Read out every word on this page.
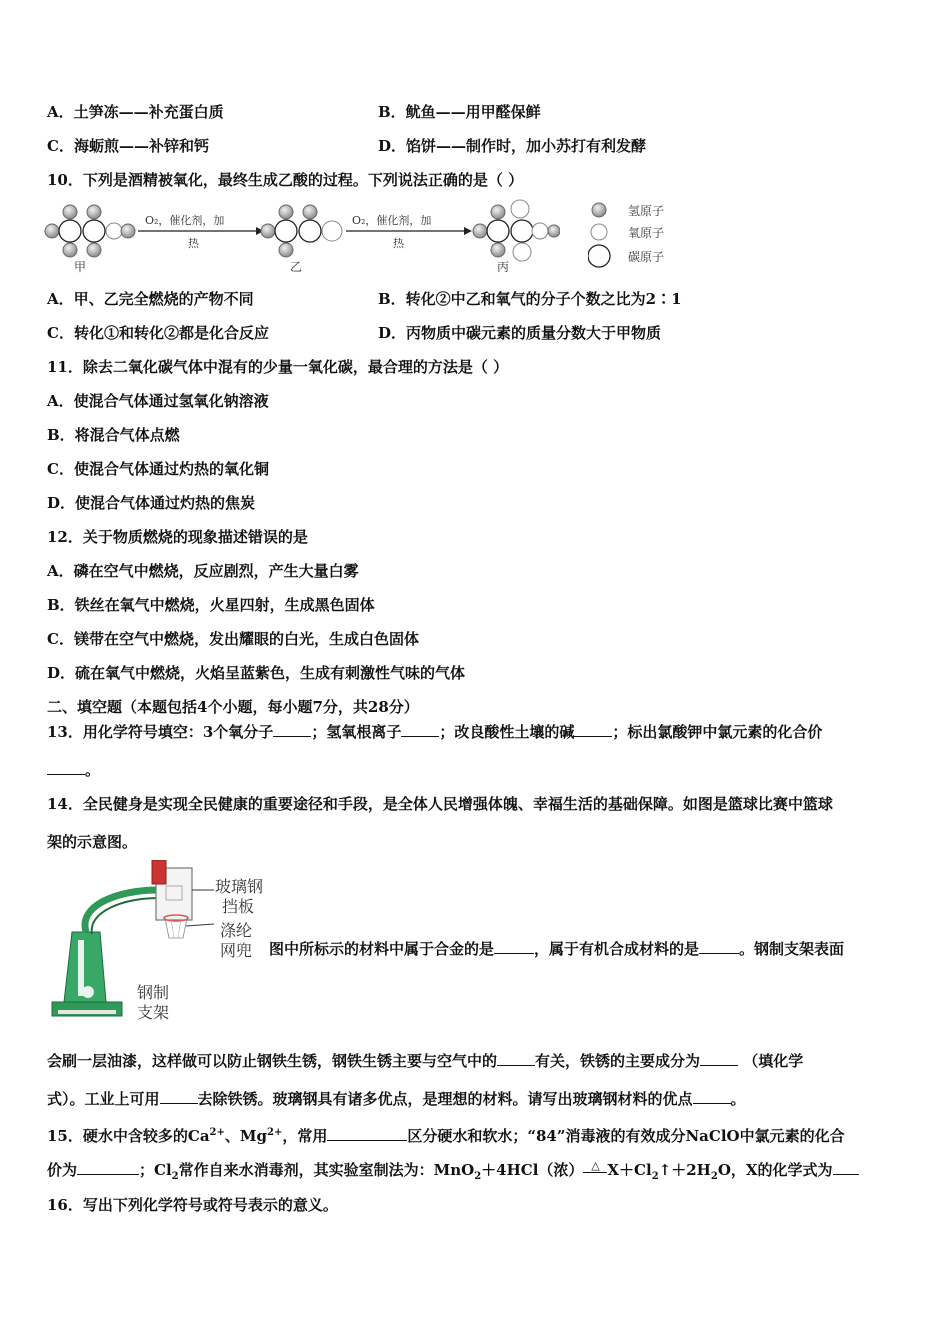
A．土笋冻——补充蛋白质	B．鱿鱼——用甲醛保鲜
C．海蛎煎——补锌和钙	D．馅饼——制作时，加小苏打有利发酵
10．下列是酒精被氧化，最终生成乙酸的过程。下列说法正确的是（ ）
O₂，催化剂，加
热
O₂，催化剂，加
热
甲	乙	丙
氢原子
氧原子
碳原子
A．甲、乙完全燃烧的产物不同	B．转化②中乙和氧气的分子个数之比为2∶1
C．转化①和转化②都是化合反应	D．丙物质中碳元素的质量分数大于甲物质
11．除去二氧化碳气体中混有的少量一氧化碳，最合理的方法是（ ）
A．使混合气体通过氢氧化钠溶液
B．将混合气体点燃
C．使混合气体通过灼热的氧化铜
D．使混合气体通过灼热的焦炭
12．关于物质燃烧的现象描述错误的是
A．磷在空气中燃烧，反应剧烈，产生大量白雾
B．铁丝在氧气中燃烧，火星四射，生成黑色固体
C．镁带在空气中燃烧，发出耀眼的白光，生成白色固体
D．硫在氧气中燃烧，火焰呈蓝紫色，生成有刺激性气味的气体
二、填空题（本题包括4个小题，每小题7分，共28分）
13．用化学符号填空：3个氧分子	；氢氧根离子	；改良酸性土壤的碱	；标出氯酸钾中氯元素的化合价
。
14．全民健身是实现全民健康的重要途径和手段，是全体人民增强体魄、幸福生活的基础保障。如图是篮球比赛中篮球
架的示意图。
玻璃钢
挡板
涤纶
网兜
钢制
支架
图中所标示的材料中属于合金的是	，属于有机合成材料的是	。钢制支架表面
会刷一层油漆，这样做可以防止钢铁生锈，钢铁生锈主要与空气中的	有关，铁锈的主要成分为	（填化学
式）。工业上可用	去除铁锈。玻璃钢具有诸多优点，是理想的材料。请写出玻璃钢材料的优点	。
15．硬水中含较多的$Ca^{2+}$、$Mg^{2+}$，常用	区分硬水和软水；“84”消毒液的有效成分NaClO中氯元素的化合
价为	；$Cl_2$常作自来水消毒剂，其实验室制法为：MnO$_2$＋4HCl（浓） △ $X+Cl_2↑+2H_2O$，X的化学式为
16．写出下列化学符号或符号表示的意义。
